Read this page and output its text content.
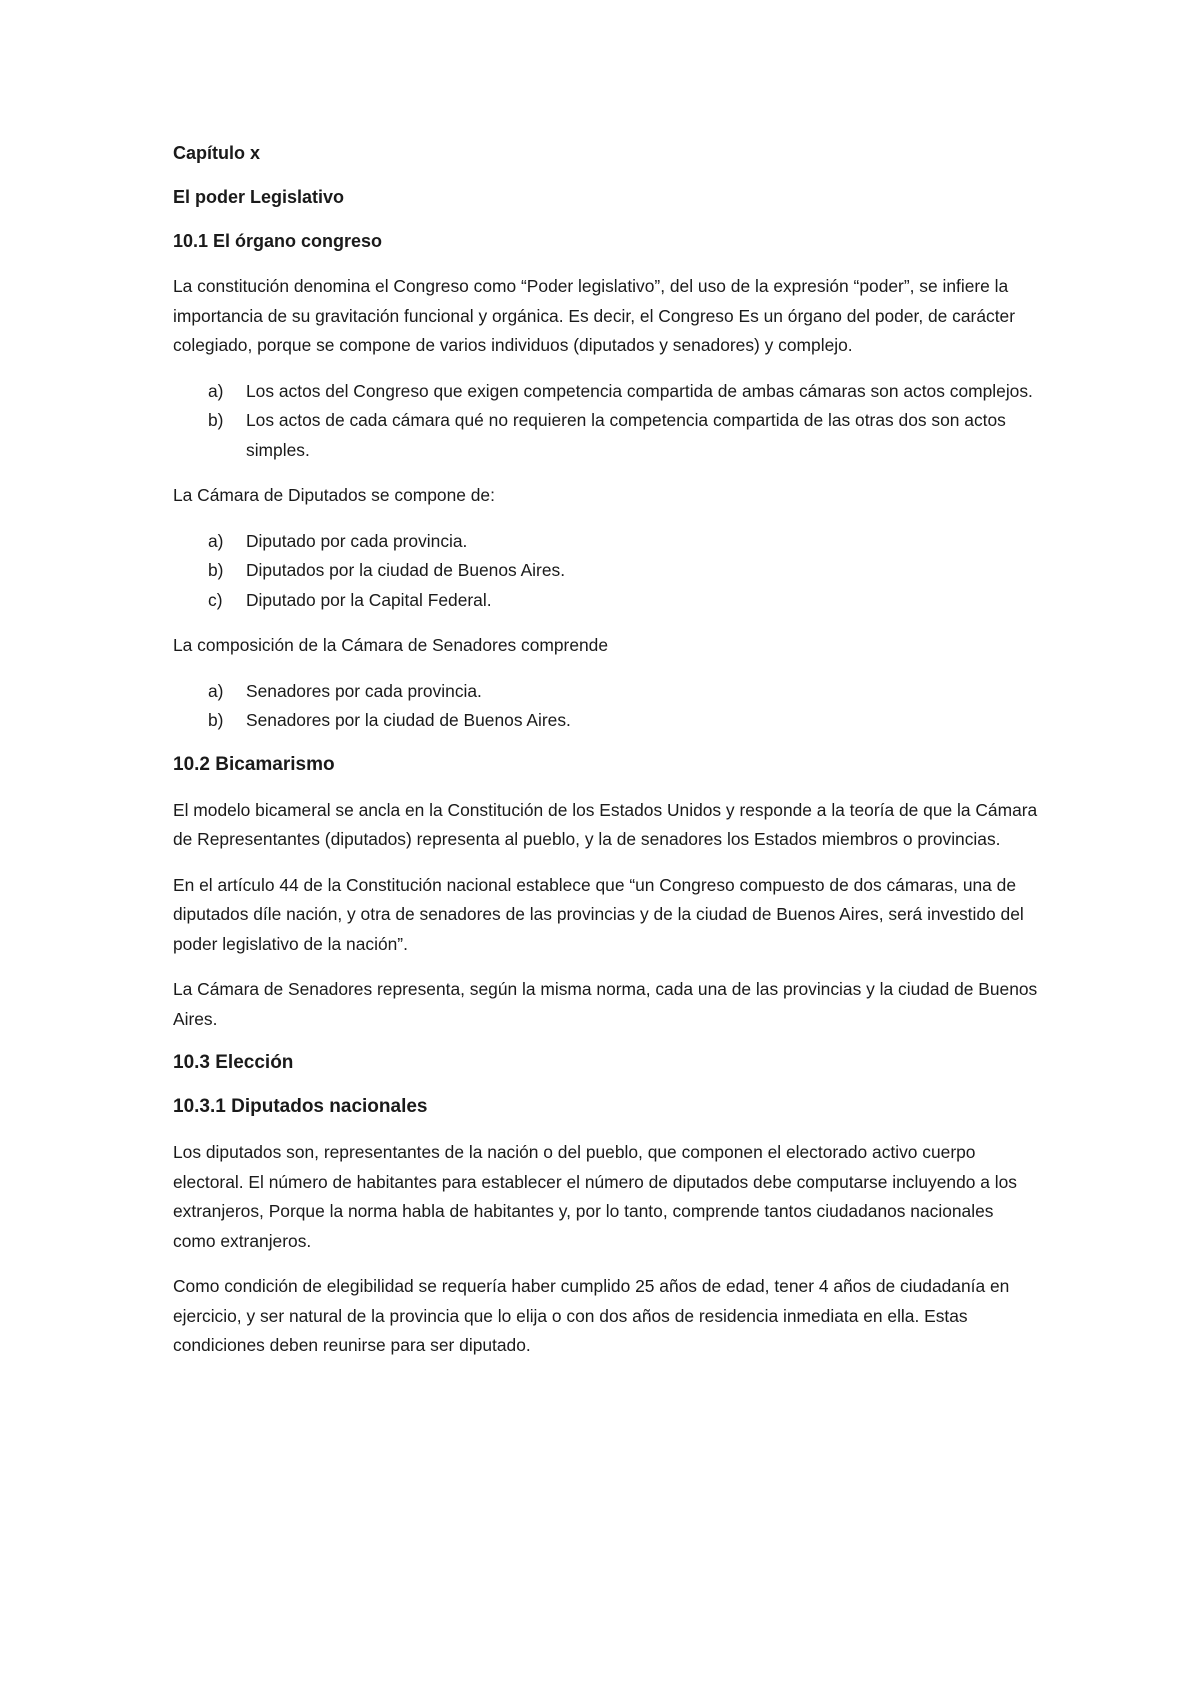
Capítulo x
El poder Legislativo
10.1 El órgano congreso

La constitución denomina el Congreso como “Poder legislativo”, del uso de la expresión “poder”, se infiere la importancia de su gravitación funcional y orgánica. Es decir, el Congreso Es un órgano del poder, de carácter colegiado, porque se compone de varios individuos (diputados y senadores) y complejo.

a) Los actos del Congreso que exigen competencia compartida de ambas cámaras son actos complejos.
b) Los actos de cada cámara qué no requieren la competencia compartida de las otras dos son actos simples.

La Cámara de Diputados se compone de:

a) Diputado por cada provincia.
b) Diputados por la ciudad de Buenos Aires.
c) Diputado por la Capital Federal.

La composición de la Cámara de Senadores comprende

a) Senadores por cada provincia.
b) Senadores por la ciudad de Buenos Aires.
10.2 Bicamarismo

El modelo bicameral se ancla en la Constitución de los Estados Unidos y responde a la teoría de que la Cámara de Representantes (diputados) representa al pueblo, y la de senadores los Estados miembros o provincias.

En el artículo 44 de la Constitución nacional establece que “un Congreso compuesto de dos cámaras, una de diputados díle nación, y otra de senadores de las provincias y de la ciudad de Buenos Aires, será investido del poder legislativo de la nación”.

La Cámara de Senadores representa, según la misma norma, cada una de las provincias y la ciudad de Buenos Aires.

10.3 Elección
10.3.1 Diputados nacionales

Los diputados son, representantes de la nación o del pueblo, que componen el electorado activo cuerpo electoral. El número de habitantes para establecer el número de diputados debe computarse incluyendo a los extranjeros, Porque la norma habla de habitantes y, por lo tanto, comprende tantos ciudadanos nacionales como extranjeros.

Como condición de elegibilidad se requería haber cumplido 25 años de edad, tener 4 años de ciudadanía en ejercicio, y ser natural de la provincia que lo elija o con dos años de residencia inmediata en ella. Estas condiciones deben reunirse para ser diputado.
